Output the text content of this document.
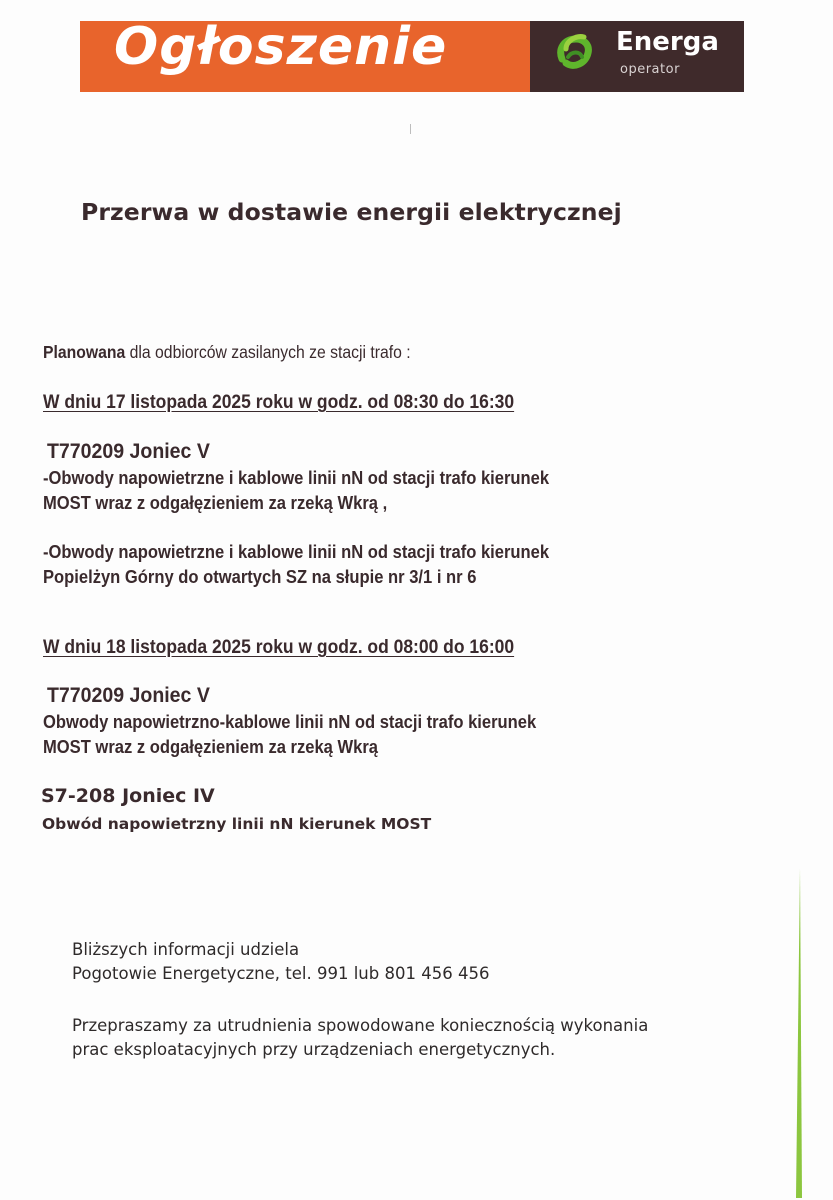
Ogłoszenie	Energa
operator
Przerwa w dostawie energii elektrycznej
Planowana dla odbiorców zasilanych ze stacji trafo :
W dniu 17 listopada 2025 roku w godz. od 08:30 do 16:30
T770209 Joniec V
-Obwody napowietrzne i kablowe linii nN od stacji trafo kierunek
MOST wraz z odgałęzieniem za rzeką Wkrą ,
-Obwody napowietrzne i kablowe linii nN od stacji trafo kierunek
Popielżyn Górny do otwartych SZ na słupie nr 3/1 i nr 6
W dniu 18 listopada 2025 roku w godz. od 08:00 do 16:00
T770209 Joniec V
Obwody napowietrzno-kablowe linii nN od stacji trafo kierunek
MOST wraz z odgałęzieniem za rzeką Wkrą
S7-208 Joniec IV
Obwód napowietrzny linii nN kierunek MOST
Bliższych informacji udziela
Pogotowie Energetyczne, tel. 991 lub 801 456 456
Przepraszamy za utrudnienia spowodowane koniecznością wykonania
prac eksploatacyjnych przy urządzeniach energetycznych.
